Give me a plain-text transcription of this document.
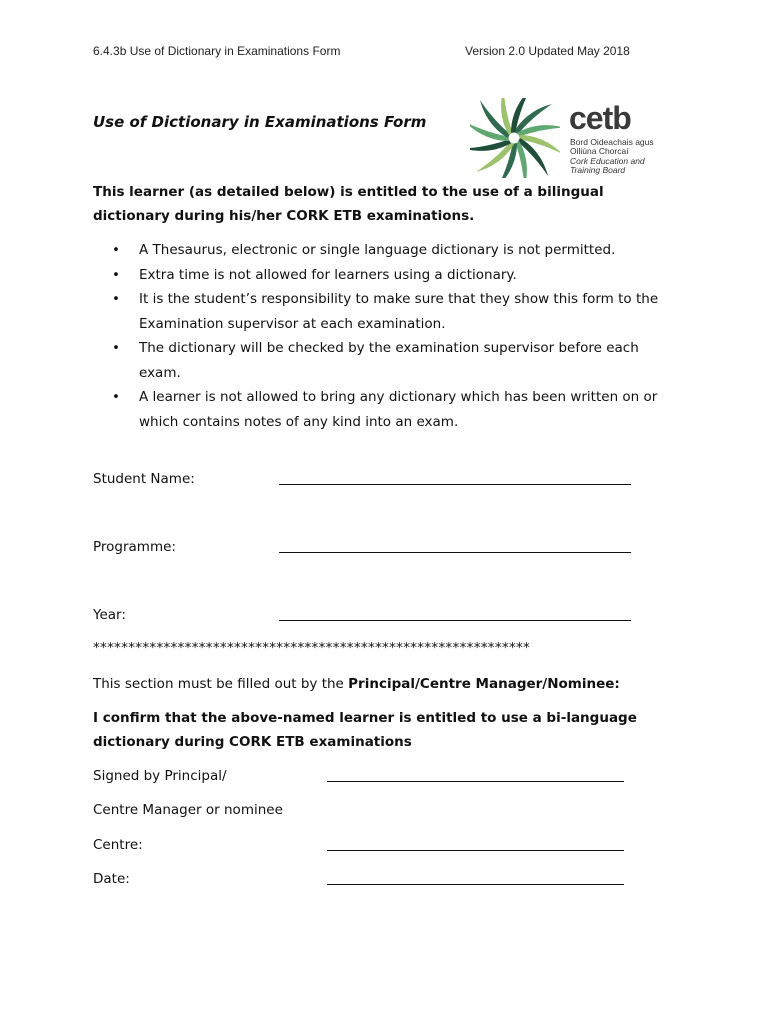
6.4.3b Use of Dictionary in Examinations Form	Version 2.0 Updated May 2018
Use of Dictionary in Examinations Form	cetb
Bord Oideachais agus
Oiliúna Chorcaí
Cork Education and
Training Board
This learner (as detailed below) is entitled to the use of a bilingual
dictionary during his/her CORK ETB examinations.
• A Thesaurus, electronic or single language dictionary is not permitted.
• Extra time is not allowed for learners using a dictionary.
• It is the student’s responsibility to make sure that they show this form to the Examination supervisor at each examination.
• The dictionary will be checked by the examination supervisor before each exam.
• A learner is not allowed to bring any dictionary which has been written on or which contains notes of any kind into an exam.
Student Name:
Programme:
Year:
**************************************************************
This section must be filled out by the Principal/Centre Manager/Nominee:
I confirm that the above-named learner is entitled to use a bi-language
dictionary during CORK ETB examinations
Signed by Principal/
Centre Manager or nominee
Centre:
Date:
